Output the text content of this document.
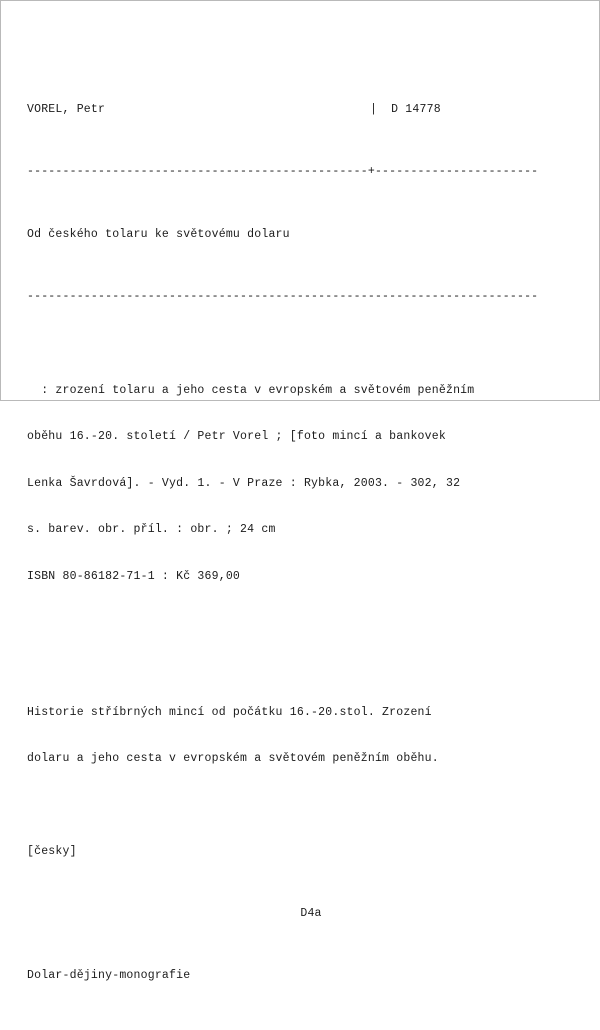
VOREL, Petr	|	D 14778

------------------------------------------------+-----------------------

Od českého tolaru ke světovému dolaru

------------------------------------------------------------------------

: zrození tolaru a jeho cesta v evropském a světovém peněžním

oběhu 16.-20. století / Petr Vorel ; [foto mincí a bankovek

Lenka Šavrdová]. - Vyd. 1. - V Praze : Rybka, 2003. - 302, 32

s. barev. obr. příl. : obr. ; 24 cm

ISBN 80-86182-71-1 : Kč 369,00

Historie stříbrných mincí od počátku 16.-20.stol. Zrození

dolaru a jeho cesta v evropském a světovém peněžním oběhu.

[česky]

D4a

Dolar-dějiny-monografie
